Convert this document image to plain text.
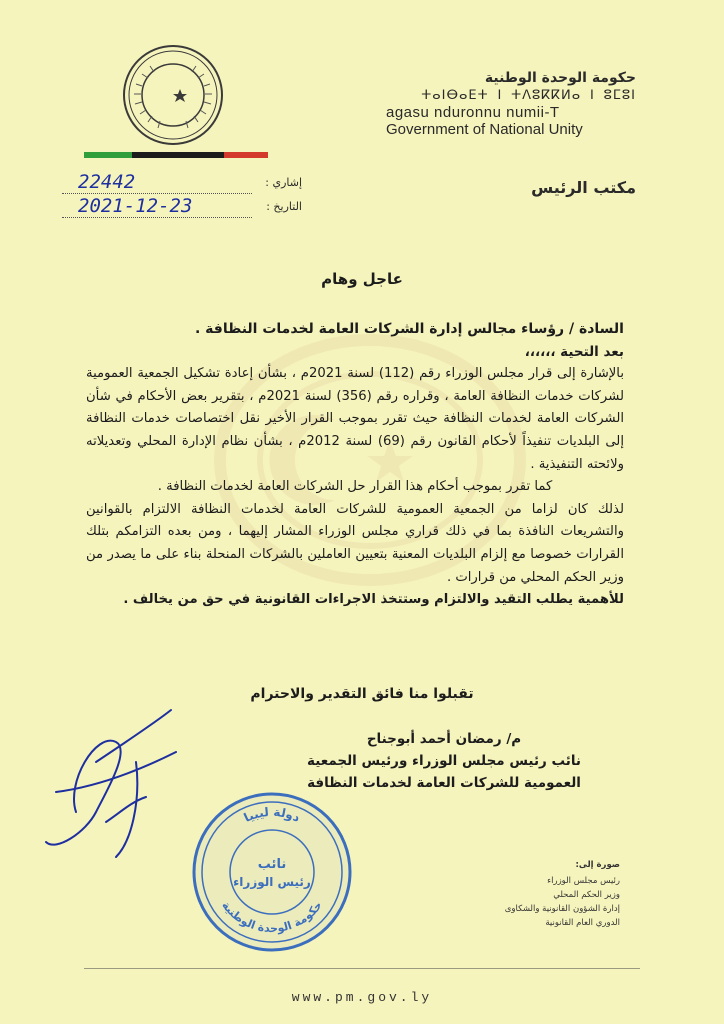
حكومة الوحدة الوطنية
ⵜⴰⵏⴱⴰⴹⵜ ⵏ ⵜⴷⵓⴽⴽⵍⴰ ⵏ ⵓⵎⵓⵏ
agasu nduronnu numii-T
Government of National Unity
مكتب الرئيس
22442	إشاري :
2021-12-23	التاريخ :
عاجل وهام

السادة / رؤساء مجالس إدارة الشركات العامة لخدمات النظافة .

بعد التحية ،،،،،،

بالإشارة إلى قرار مجلس الوزراء رقم (112) لسنة 2021م ، بشأن إعادة تشكيل الجمعية العمومية لشركات خدمات النظافة العامة ، وقراره رقم (356) لسنة 2021م ، بتقرير بعض الأحكام في شأن الشركات العامة لخدمات النظافة حيث تقرر بموجب القرار الأخير نقل اختصاصات خدمات النظافة إلى البلديات تنفيذاً لأحكام القانون رقم (69) لسنة 2012م ، بشأن نظام الإدارة المحلي وتعديلاته ولائحته التنفيذية .

كما تقرر بموجب أحكام هذا القرار حل الشركات العامة لخدمات النظافة .

لذلك كان لزاما من الجمعية العمومية للشركات العامة لخدمات النظافة الالتزام بالقوانين والتشريعات النافذة بما في ذلك قراري مجلس الوزراء المشار إليهما ، ومن بعده التزامكم بتلك القرارات خصوصا مع إلزام البلديات المعنية بتعيين العاملين بالشركات المنحلة بناء على ما يصدر من وزير الحكم المحلي من قرارات .

للأهمية يطلب التقيد والالتزام وستتخذ الاجراءات القانونية في حق من يخالف .

تقبلوا منا فائق التقدير والاحترام
م/ رمضان أحمد أبوجناح
نائب رئيس مجلس الوزراء ورئيس الجمعية
العمومية للشركات العامة لخدمات النظافة
دولة ليبيا
حكومة الوحدة الوطنية
نائب
رئيس الوزراء
صورة إلى:
رئيس مجلس الوزراء
وزير الحكم المحلي
إدارة الشؤون القانونية والشكاوى
الدوري العام القانونية
www.pm.gov.ly
